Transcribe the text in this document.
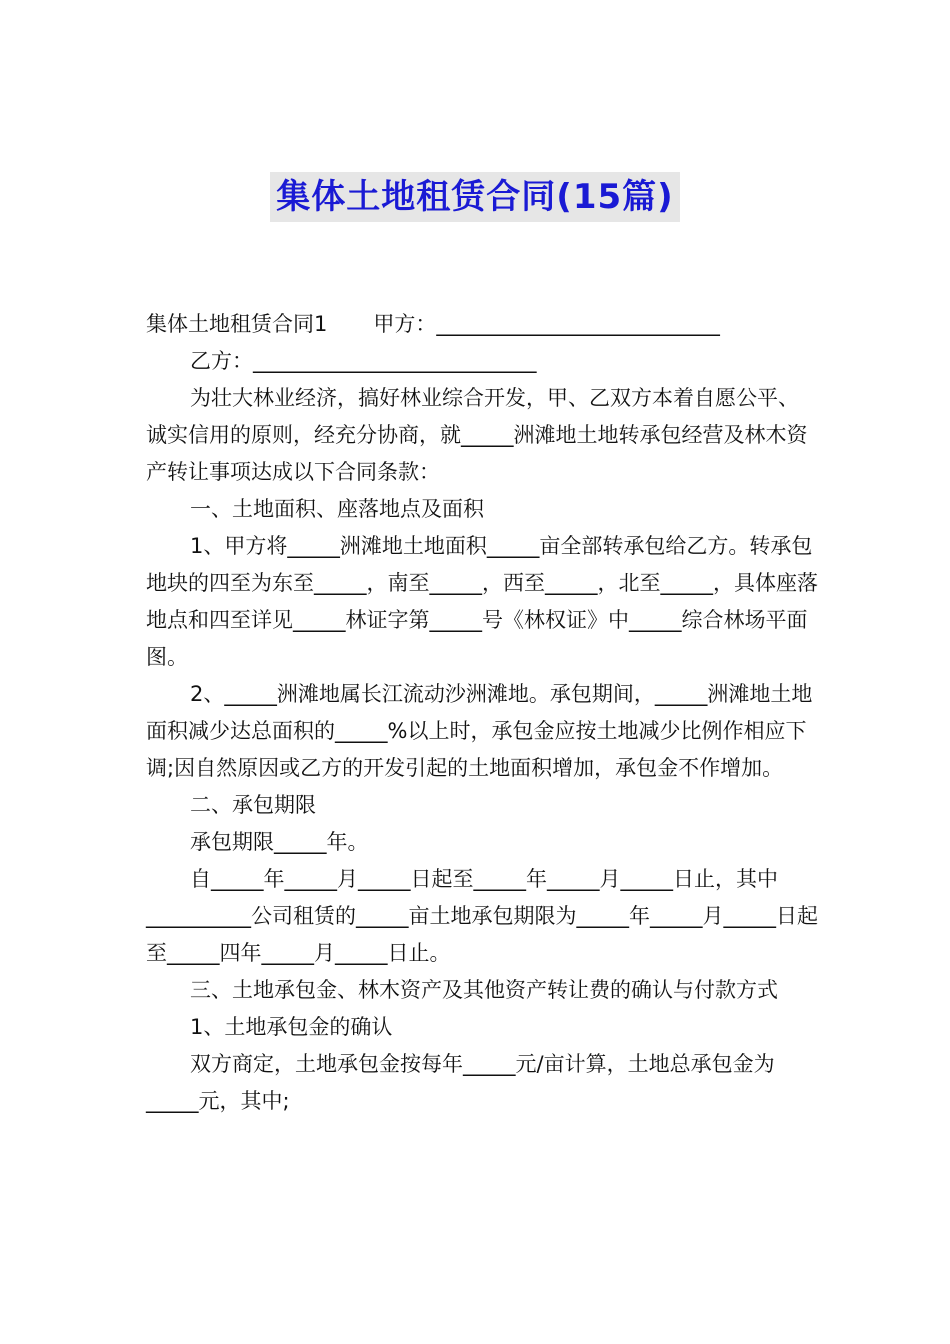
集体土地租赁合同(15篇)

集体土地租赁合同1 甲方：___________________________

乙方：___________________________

为壮大林业经济，搞好林业综合开发，甲、乙双方本着自愿公平、诚实信用的原则，经充分协商，就_____洲滩地土地转承包经营及林木资产转让事项达成以下合同条款：

一、土地面积、座落地点及面积

1、甲方将_____洲滩地土地面积_____亩全部转承包给乙方。转承包地块的四至为东至_____，南至_____，西至_____，北至_____，具体座落地点和四至详见_____林证字第_____号《林权证》中_____综合林场平面图。

2、_____洲滩地属长江流动沙洲滩地。承包期间，_____洲滩地土地面积减少达总面积的_____%以上时，承包金应按土地减少比例作相应下调;因自然原因或乙方的开发引起的土地面积增加，承包金不作增加。

二、承包期限

承包期限_____年。

自_____年_____月_____日起至_____年_____月_____日止，其中__________公司租赁的_____亩土地承包期限为_____年_____月_____日起至_____四年_____月_____日止。

三、土地承包金、林木资产及其他资产转让费的确认与付款方式

1、土地承包金的确认

双方商定，土地承包金按每年_____元/亩计算，土地总承包金为_____元，其中;
